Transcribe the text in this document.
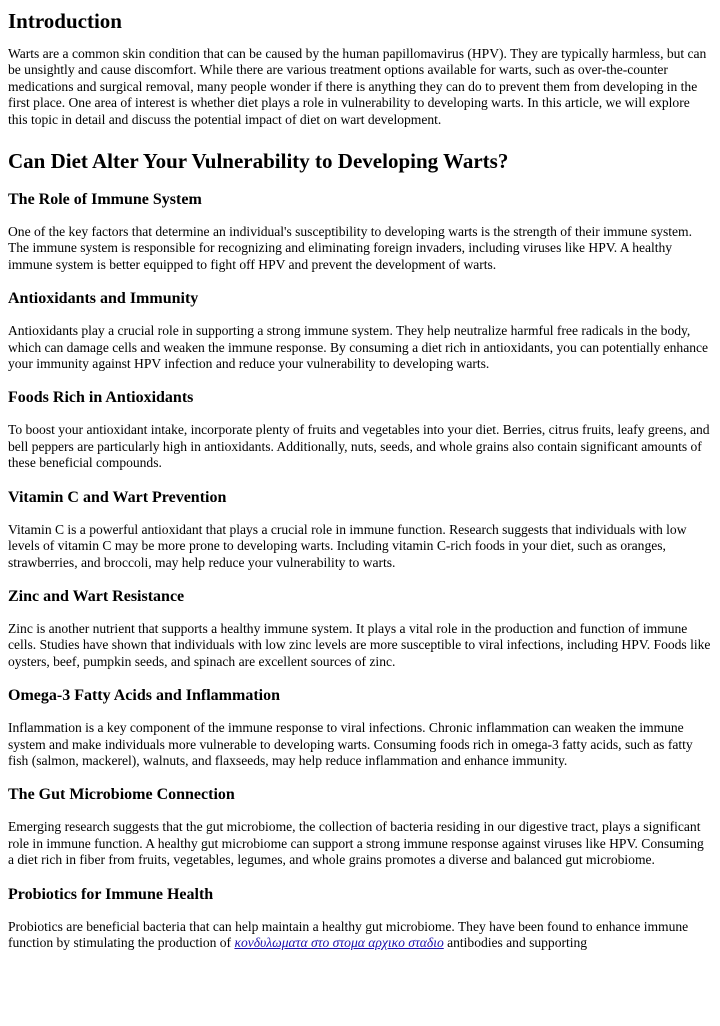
Introduction

Warts are a common skin condition that can be caused by the human papillomavirus (HPV). They are typically harmless, but can be unsightly and cause discomfort. While there are various treatment options available for warts, such as over-the-counter medications and surgical removal, many people wonder if there is anything they can do to prevent them from developing in the first place. One area of interest is whether diet plays a role in vulnerability to developing warts. In this article, we will explore this topic in detail and discuss the potential impact of diet on wart development.

Can Diet Alter Your Vulnerability to Developing Warts?
The Role of Immune System

One of the key factors that determine an individual's susceptibility to developing warts is the strength of their immune system. The immune system is responsible for recognizing and eliminating foreign invaders, including viruses like HPV. A healthy immune system is better equipped to fight off HPV and prevent the development of warts.

Antioxidants and Immunity

Antioxidants play a crucial role in supporting a strong immune system. They help neutralize harmful free radicals in the body, which can damage cells and weaken the immune response. By consuming a diet rich in antioxidants, you can potentially enhance your immunity against HPV infection and reduce your vulnerability to developing warts.

Foods Rich in Antioxidants

To boost your antioxidant intake, incorporate plenty of fruits and vegetables into your diet. Berries, citrus fruits, leafy greens, and bell peppers are particularly high in antioxidants. Additionally, nuts, seeds, and whole grains also contain significant amounts of these beneficial compounds.

Vitamin C and Wart Prevention

Vitamin C is a powerful antioxidant that plays a crucial role in immune function. Research suggests that individuals with low levels of vitamin C may be more prone to developing warts. Including vitamin C-rich foods in your diet, such as oranges, strawberries, and broccoli, may help reduce your vulnerability to warts.

Zinc and Wart Resistance

Zinc is another nutrient that supports a healthy immune system. It plays a vital role in the production and function of immune cells. Studies have shown that individuals with low zinc levels are more susceptible to viral infections, including HPV. Foods like oysters, beef, pumpkin seeds, and spinach are excellent sources of zinc.

Omega-3 Fatty Acids and Inflammation

Inflammation is a key component of the immune response to viral infections. Chronic inflammation can weaken the immune system and make individuals more vulnerable to developing warts. Consuming foods rich in omega-3 fatty acids, such as fatty fish (salmon, mackerel), walnuts, and flaxseeds, may help reduce inflammation and enhance immunity.

The Gut Microbiome Connection

Emerging research suggests that the gut microbiome, the collection of bacteria residing in our digestive tract, plays a significant role in immune function. A healthy gut microbiome can support a strong immune response against viruses like HPV. Consuming a diet rich in fiber from fruits, vegetables, legumes, and whole grains promotes a diverse and balanced gut microbiome.

Probiotics for Immune Health

Probiotics are beneficial bacteria that can help maintain a healthy gut microbiome. They have been found to enhance immune function by stimulating the production of κονδυλωματα στο στομα αρχικο σταδιο antibodies and supporting
